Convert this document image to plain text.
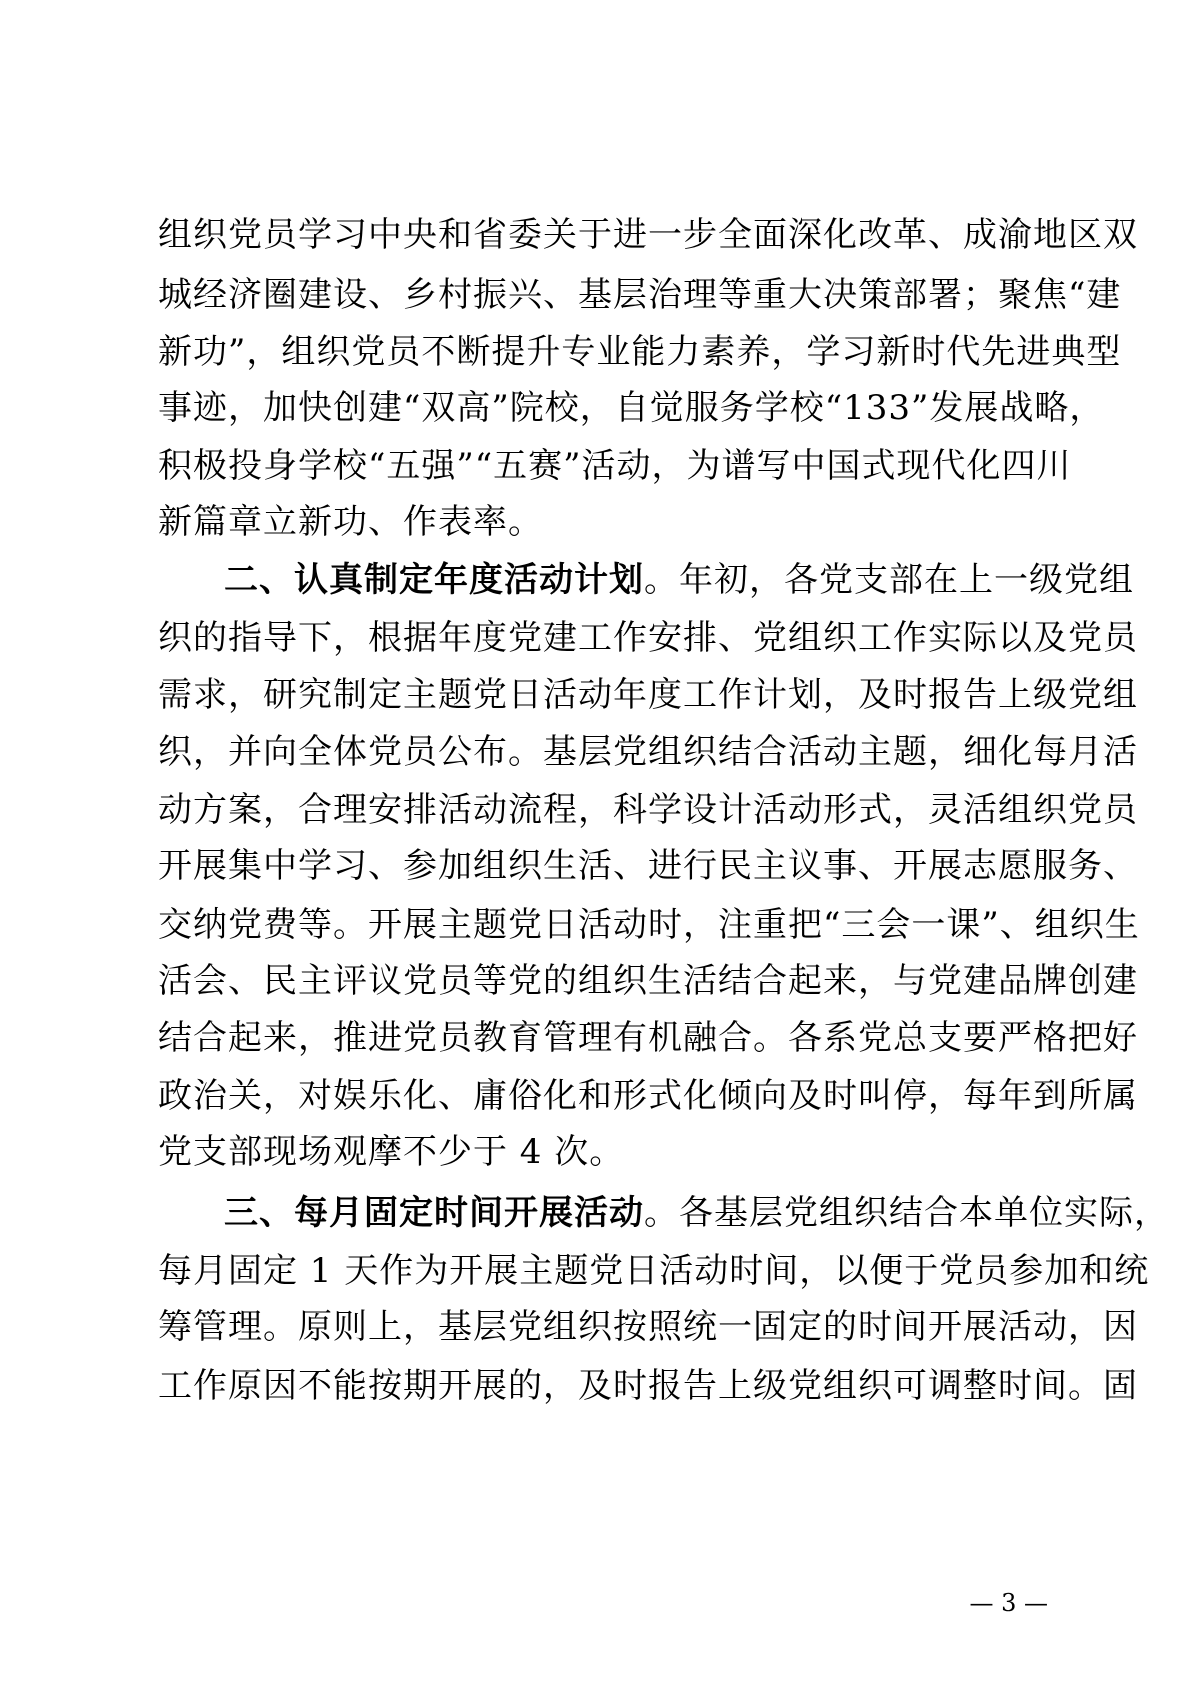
组织党员学习中央和省委关于进一步全面深化改革、成渝地区双
城经济圈建设、乡村振兴、基层治理等重大决策部署；聚焦“建
新功”，组织党员不断提升专业能力素养，学习新时代先进典型
事迹，加快创建“双高”院校，自觉服务学校“133”发展战略，
积极投身学校“五强”“五赛”活动，为谱写中国式现代化四川
新篇章立新功、作表率。
二、认真制定年度活动计划。年初，各党支部在上一级党组
织的指导下，根据年度党建工作安排、党组织工作实际以及党员
需求，研究制定主题党日活动年度工作计划，及时报告上级党组
织，并向全体党员公布。基层党组织结合活动主题，细化每月活
动方案，合理安排活动流程，科学设计活动形式，灵活组织党员
开展集中学习、参加组织生活、进行民主议事、开展志愿服务、
交纳党费等。开展主题党日活动时，注重把“三会一课”、组织生
活会、民主评议党员等党的组织生活结合起来，与党建品牌创建
结合起来，推进党员教育管理有机融合。各系党总支要严格把好
政治关，对娱乐化、庸俗化和形式化倾向及时叫停，每年到所属
党支部现场观摩不少于 4 次。
三、每月固定时间开展活动。各基层党组织结合本单位实际，
每月固定 1 天作为开展主题党日活动时间，以便于党员参加和统
筹管理。原则上，基层党组织按照统一固定的时间开展活动，因
工作原因不能按期开展的，及时报告上级党组织可调整时间。固
— 3 —
